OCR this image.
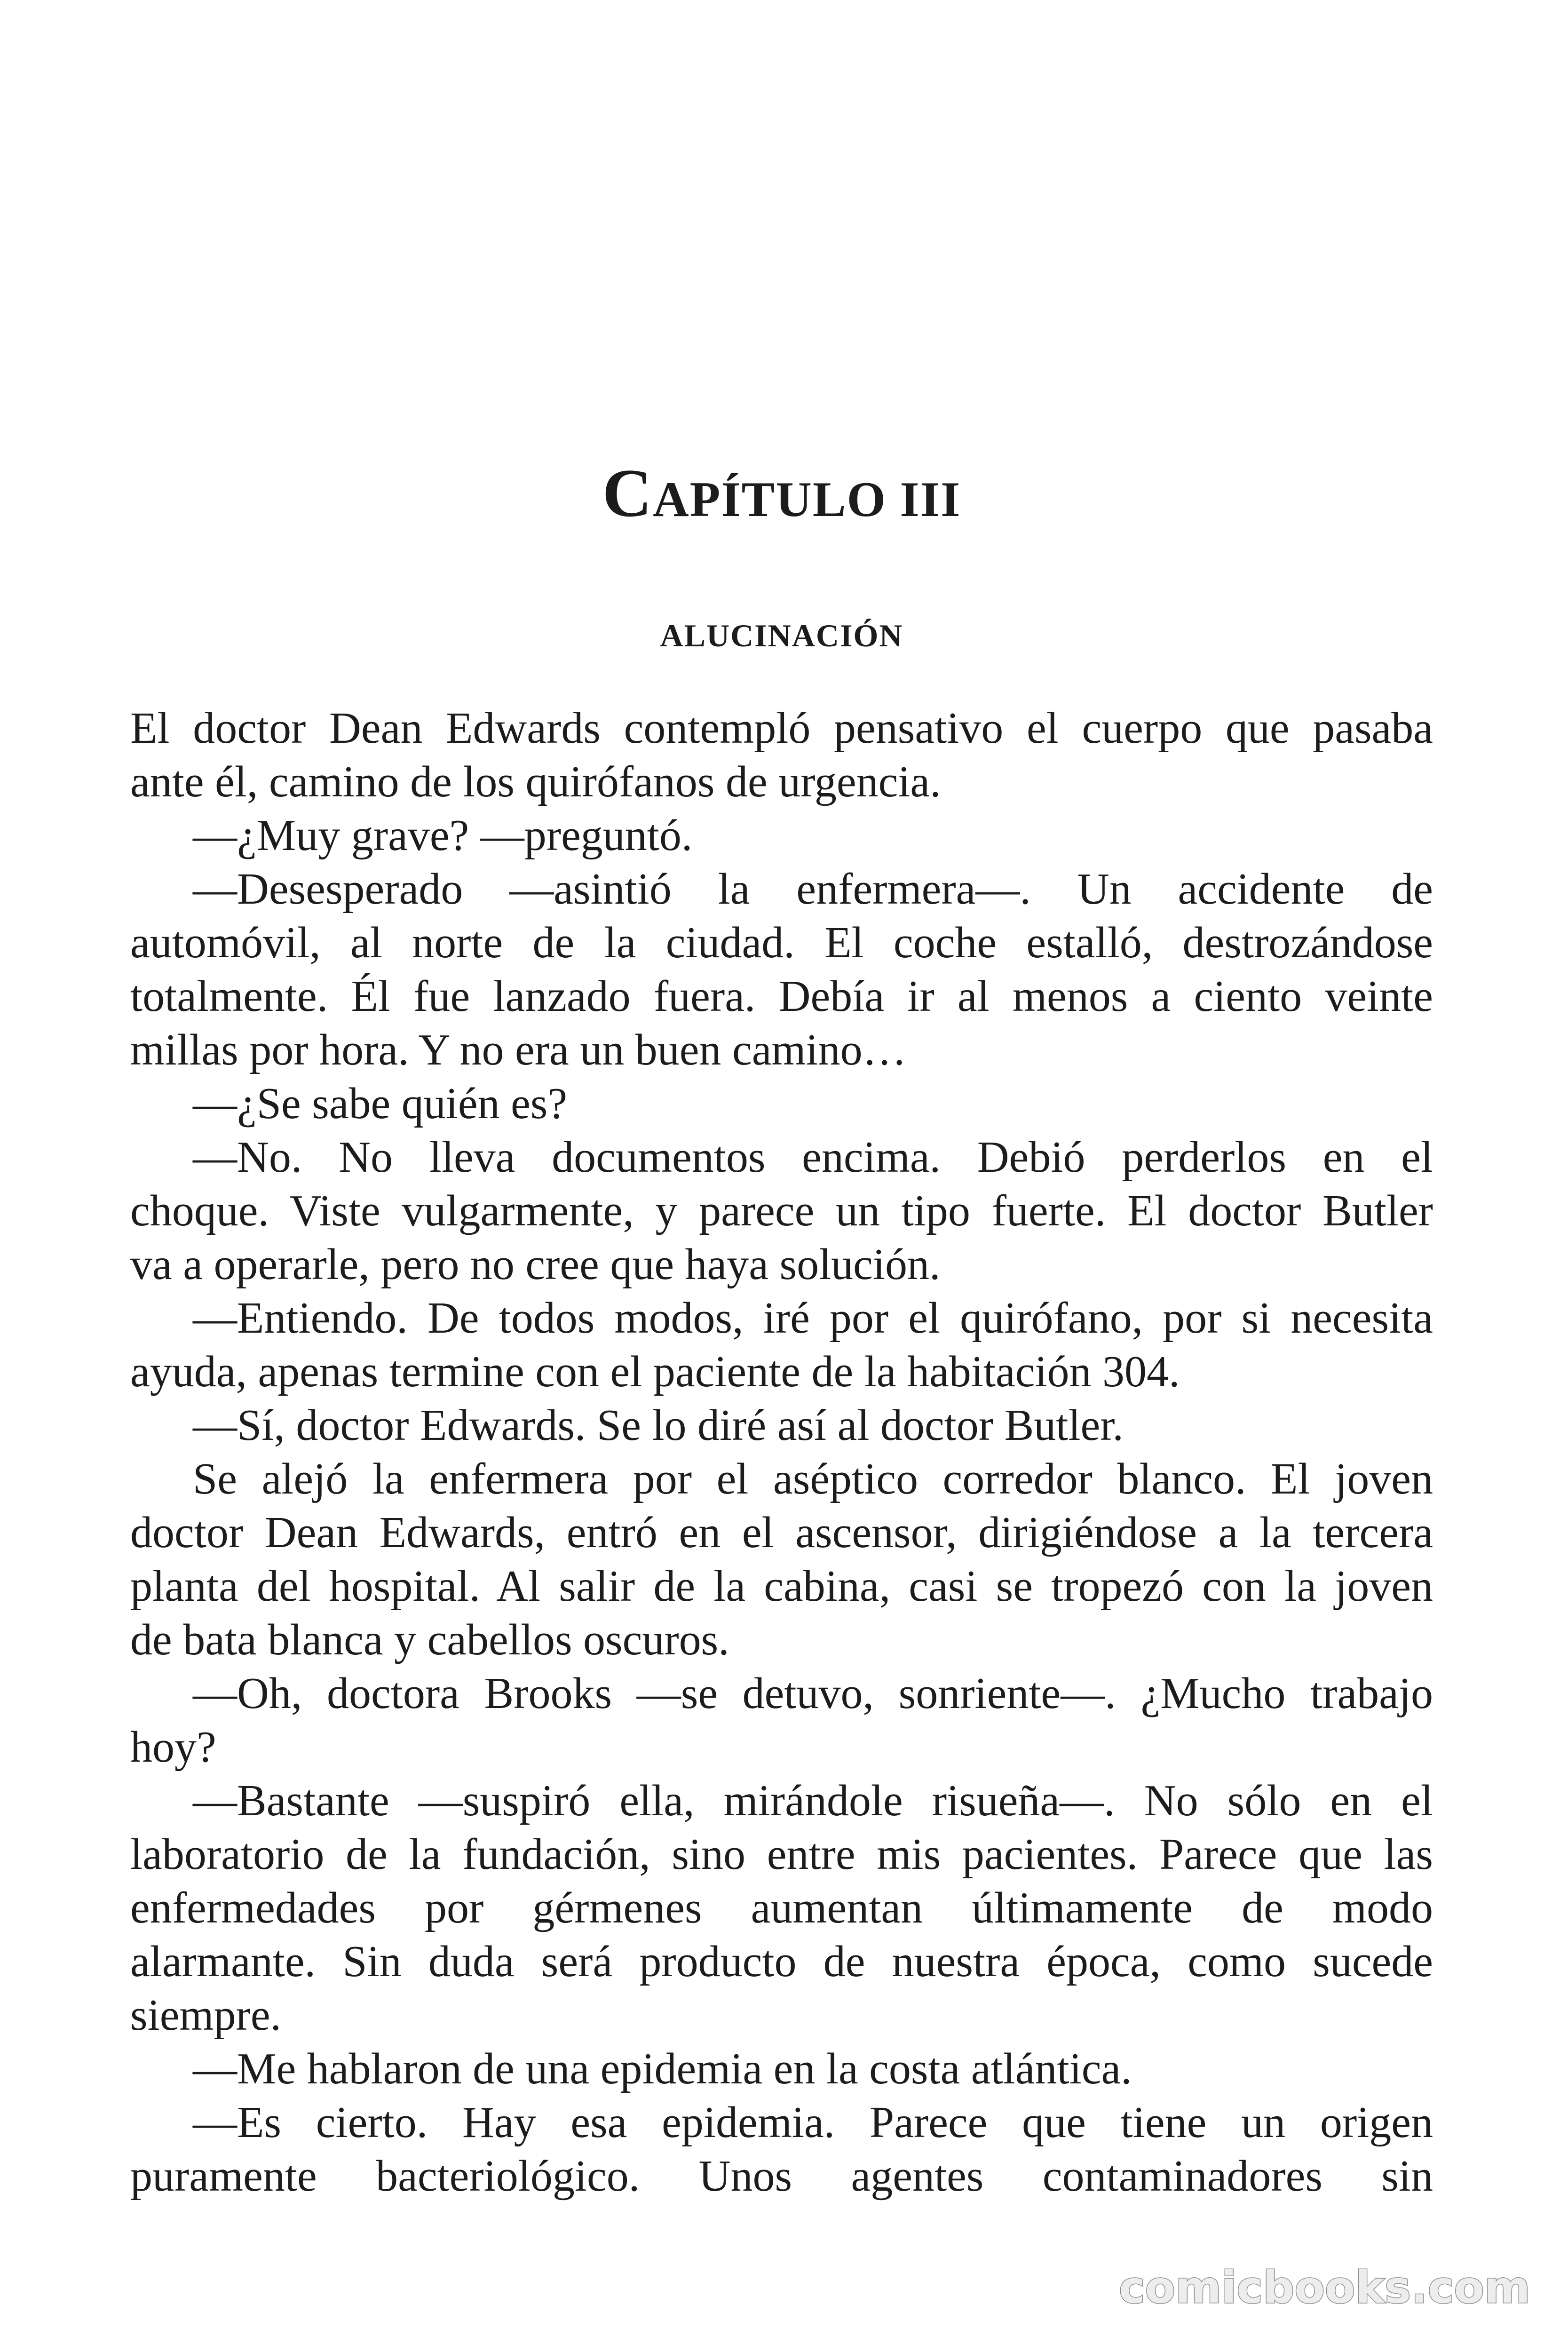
CAPÍTULO III
ALUCINACIÓN
El doctor Dean Edwards contempló pensativo el cuerpo que pasaba
ante él, camino de los quirófanos de urgencia.
—¿Muy grave? —preguntó.
—Desesperado —asintió la enfermera—. Un accidente de
automóvil, al norte de la ciudad. El coche estalló, destrozándose
totalmente. Él fue lanzado fuera. Debía ir al menos a ciento veinte
millas por hora. Y no era un buen camino…
—¿Se sabe quién es?
—No. No lleva documentos encima. Debió perderlos en el
choque. Viste vulgarmente, y parece un tipo fuerte. El doctor Butler
va a operarle, pero no cree que haya solución.
—Entiendo. De todos modos, iré por el quirófano, por si necesita
ayuda, apenas termine con el paciente de la habitación 304.
—Sí, doctor Edwards. Se lo diré así al doctor Butler.
Se alejó la enfermera por el aséptico corredor blanco. El joven
doctor Dean Edwards, entró en el ascensor, dirigiéndose a la tercera
planta del hospital. Al salir de la cabina, casi se tropezó con la joven
de bata blanca y cabellos oscuros.
—Oh, doctora Brooks —se detuvo, sonriente—. ¿Mucho trabajo
hoy?
—Bastante —suspiró ella, mirándole risueña—. No sólo en el
laboratorio de la fundación, sino entre mis pacientes. Parece que las
enfermedades por gérmenes aumentan últimamente de modo
alarmante. Sin duda será producto de nuestra época, como sucede
siempre.
—Me hablaron de una epidemia en la costa atlántica.
—Es cierto. Hay esa epidemia. Parece que tiene un origen
puramente bacteriológico. Unos agentes contaminadores sin
comicbooks.com
